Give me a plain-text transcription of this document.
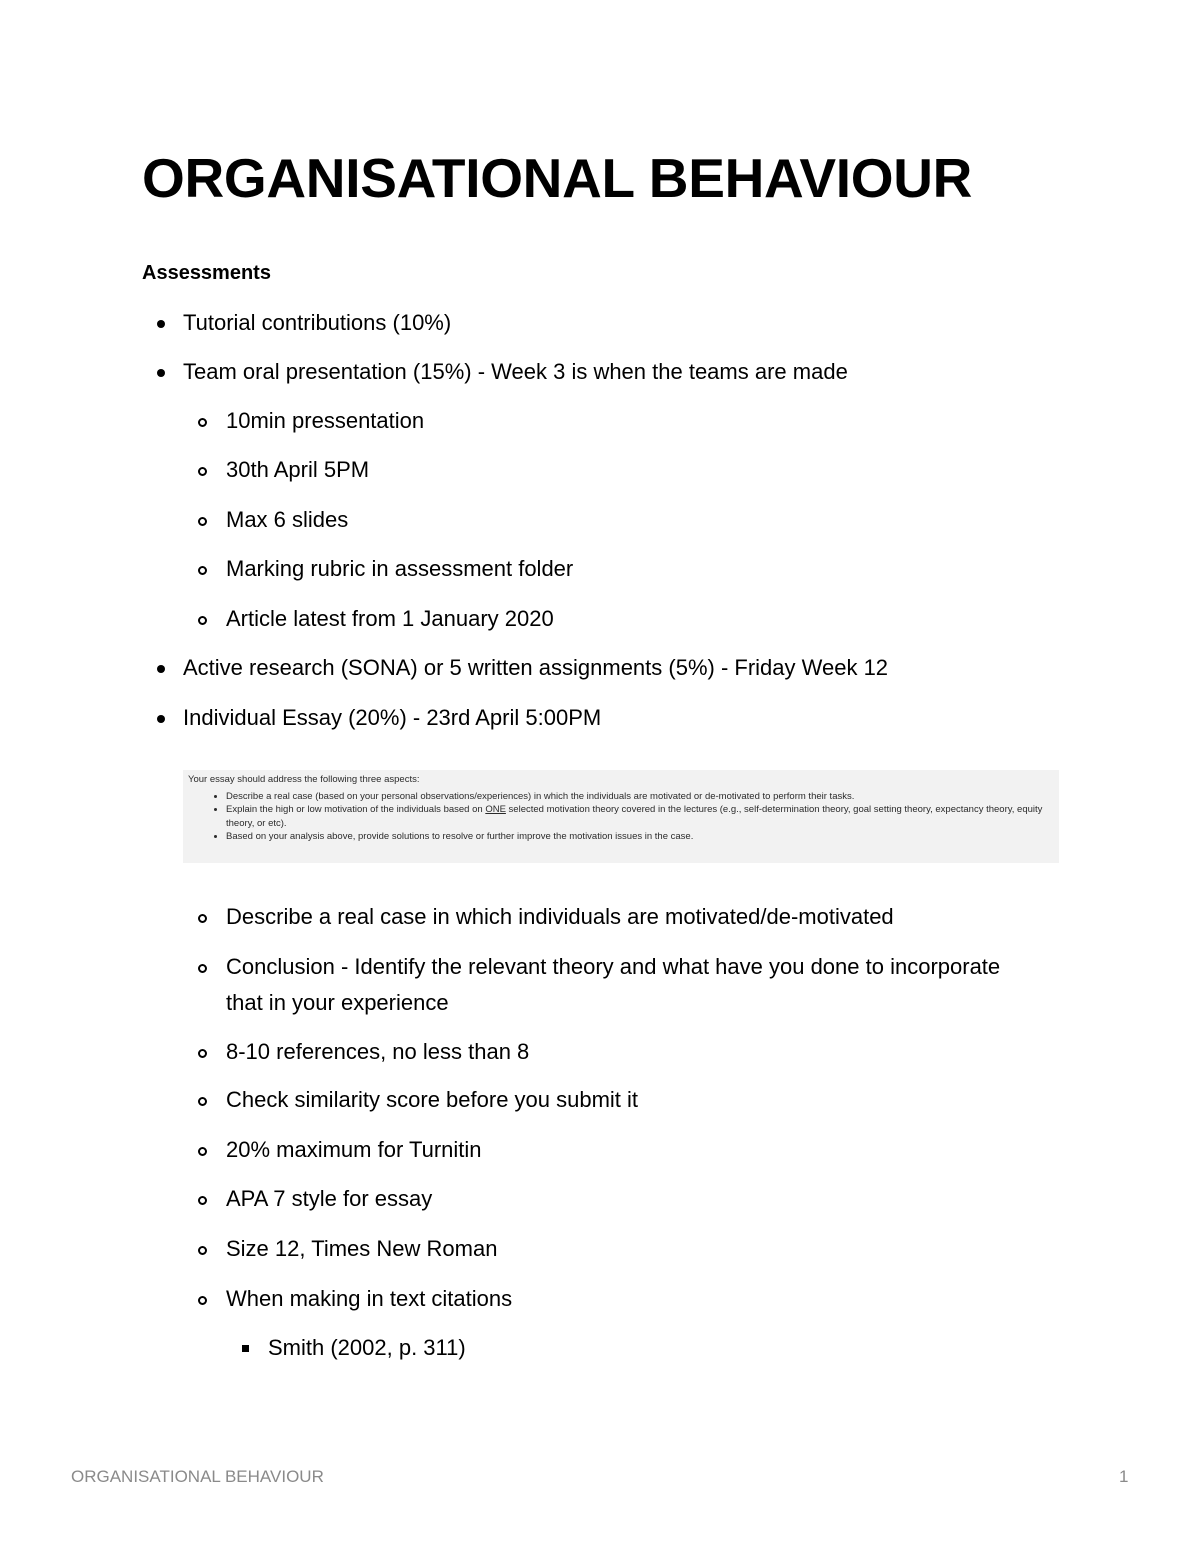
ORGANISATIONAL BEHAVIOUR
Assessments
Tutorial contributions (10%)
Team oral presentation (15%) - Week 3 is when the teams are made
10min pressentation
30th April 5PM
Max 6 slides
Marking rubric in assessment folder
Article latest from 1 January 2020
Active research (SONA) or 5 written assignments (5%) - Friday Week 12
Individual Essay (20%) - 23rd April 5:00PM

Your essay should address the following three aspects:

• Describe a real case (based on your personal observations/experiences) in which the individuals are motivated or de-motivated to perform their tasks.
• Explain the high or low motivation of the individuals based on ONE selected motivation theory covered in the lectures (e.g., self-determination theory, goal setting theory, expectancy theory, equity theory, or etc).
• Based on your analysis above, provide solutions to resolve or further improve the motivation issues in the case.
Describe a real case in which individuals are motivated/de-motivated
Conclusion - Identify the relevant theory and what have you done to incorporate
that in your experience
8-10 references, no less than 8
Check similarity score before you submit it
20% maximum for Turnitin
APA 7 style for essay
Size 12, Times New Roman
When making in text citations
Smith (2002, p. 311)
ORGANISATIONAL BEHAVIOUR	1
